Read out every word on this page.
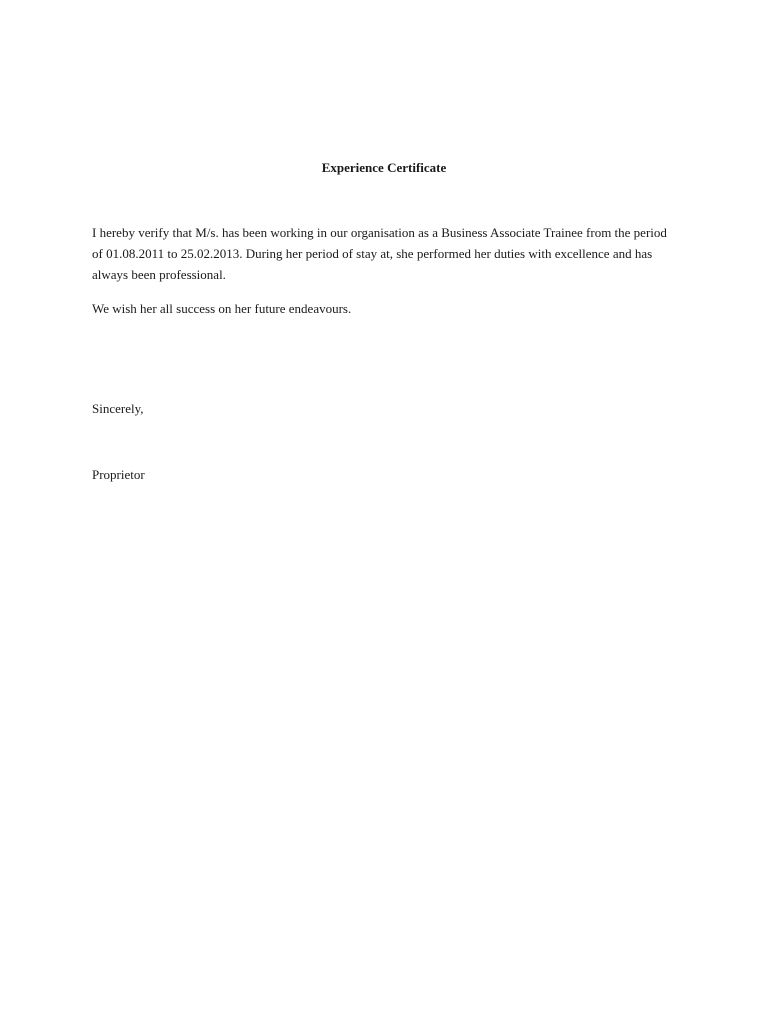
Experience Certificate
I hereby verify that M/s. has been working in our organisation as a Business Associate Trainee from the period
of 01.08.2011 to 25.02.2013. During her period of stay at, she performed her duties with excellence and has
always been professional.
We wish her all success on her future endeavours.
Sincerely,
Proprietor
